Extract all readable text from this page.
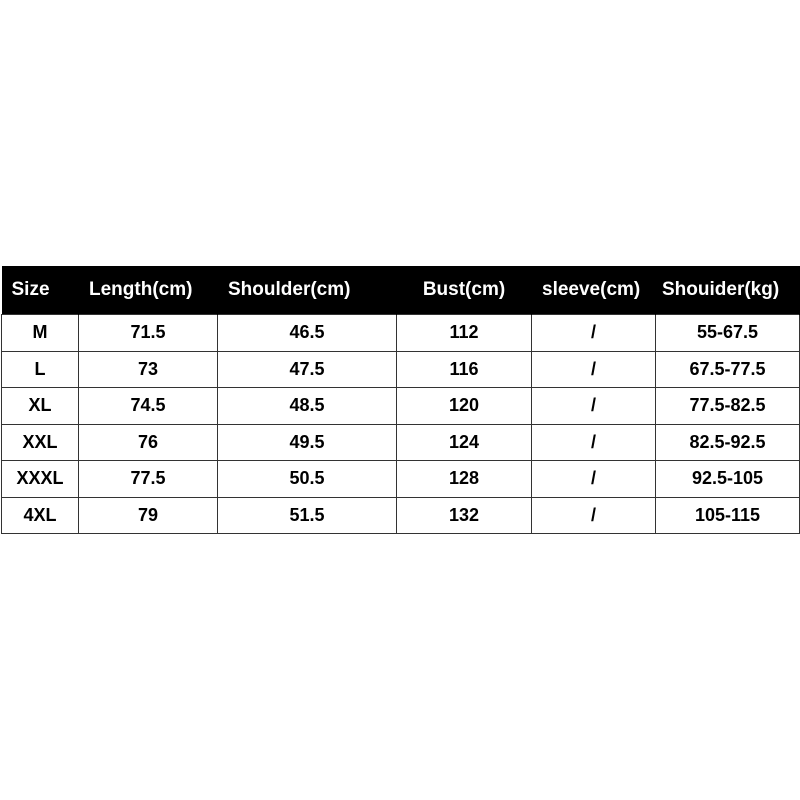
Size	Length(cm)	Shoulder(cm)	Bust(cm)	sleeve(cm)	Shouider(kg)
M	71.5	46.5	112	/	55-67.5
L	73	47.5	116	/	67.5-77.5
XL	74.5	48.5	120	/	77.5-82.5
XXL	76	49.5	124	/	82.5-92.5
XXXL	77.5	50.5	128	/	92.5-105
4XL	79	51.5	132	/	105-115
